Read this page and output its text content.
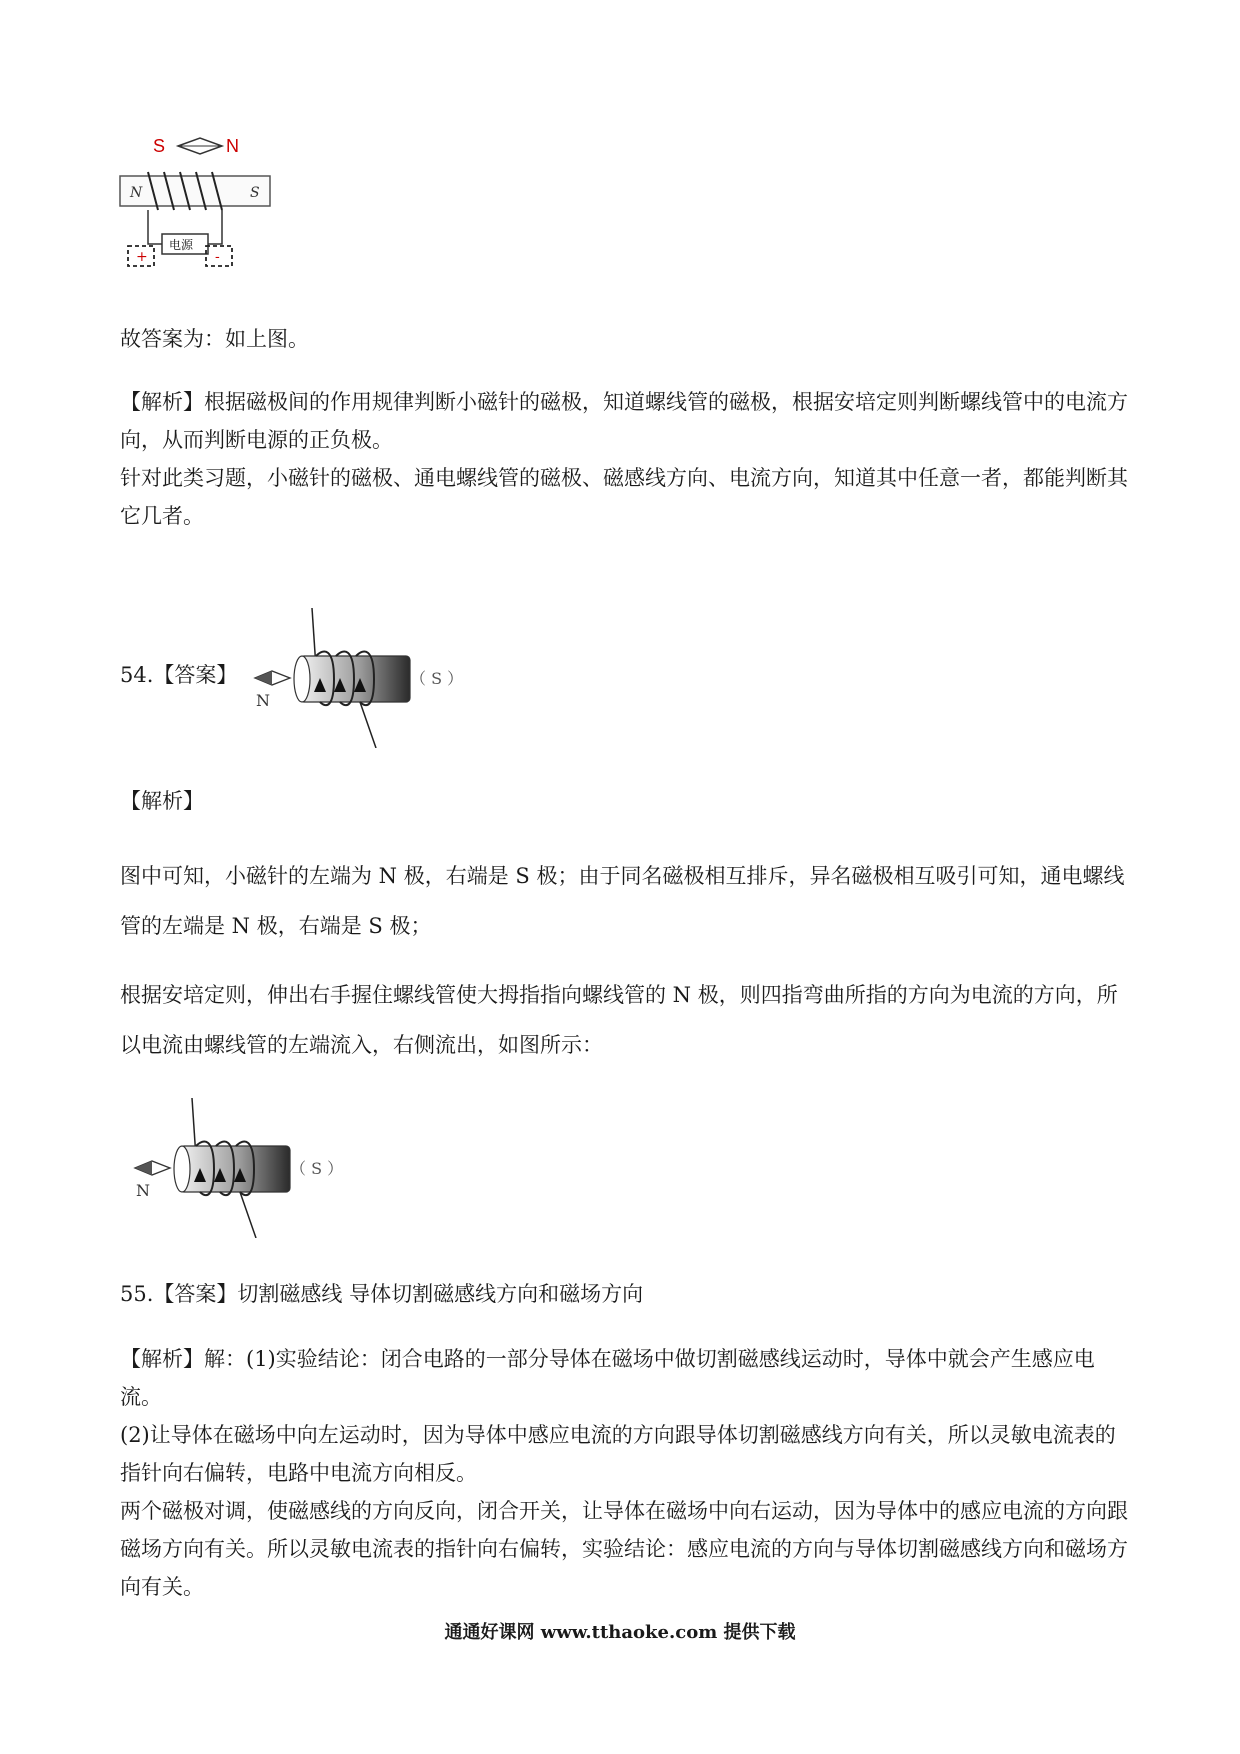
S	N
N	S
电源
+	-

故答案为：如上图。

【解析】根据磁极间的作用规律判断小磁针的磁极，知道螺线管的磁极，根据安培定则判断螺线管中的电流方向，从而判断电源的正负极。

针对此类习题，小磁针的磁极、通电螺线管的磁极、磁感线方向、电流方向，知道其中任意一者，都能判断其它几者。

54.【答案】

N
（ S ）

【解析】

图中可知，小磁针的左端为 N 极，右端是 S 极；由于同名磁极相互排斥，异名磁极相互吸引可知，通电螺线管的左端是 N 极，右端是 S 极；

根据安培定则，伸出右手握住螺线管使大拇指指向螺线管的 N 极，则四指弯曲所指的方向为电流的方向，所以电流由螺线管的左端流入，右侧流出，如图所示：

N
（ S ）

55.【答案】切割磁感线 导体切割磁感线方向和磁场方向

【解析】解：(1)实验结论：闭合电路的一部分导体在磁场中做切割磁感线运动时，导体中就会产生感应电流。

(2)让导体在磁场中向左运动时，因为导体中感应电流的方向跟导体切割磁感线方向有关，所以灵敏电流表的指针向右偏转，电路中电流方向相反。

两个磁极对调，使磁感线的方向反向，闭合开关，让导体在磁场中向右运动，因为导体中的感应电流的方向跟磁场方向有关。所以灵敏电流表的指针向右偏转，实验结论：感应电流的方向与导体切割磁感线方向和磁场方向有关。

通通好课网 www.tthaoke.com 提供下载
